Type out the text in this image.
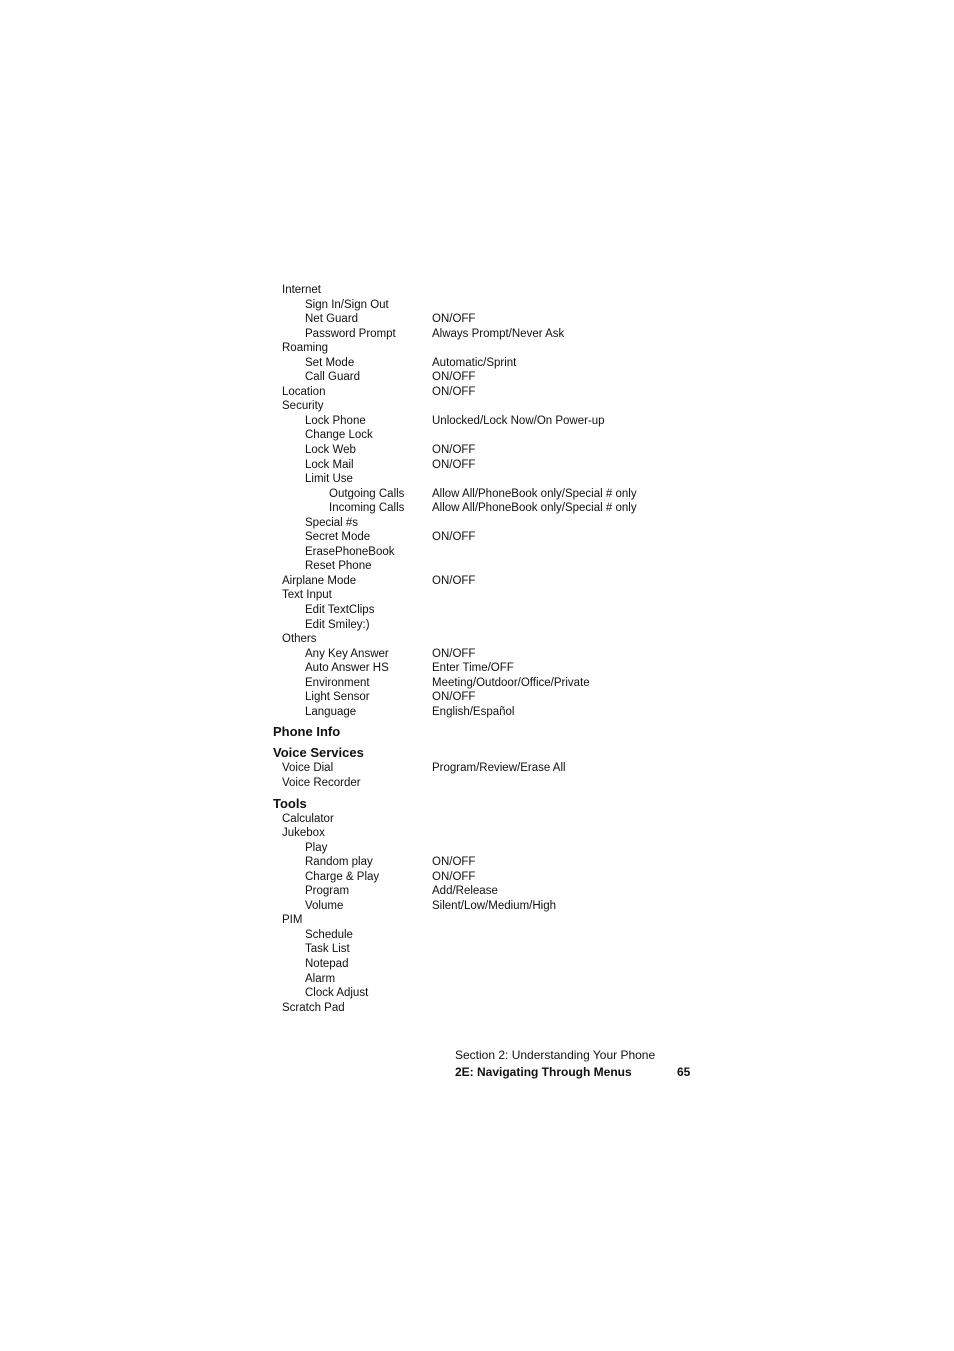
Internet
Sign In/Sign Out
Net Guard	ON/OFF
Password Prompt	Always Prompt/Never Ask
Roaming
Set Mode	Automatic/Sprint
Call Guard	ON/OFF
Location	ON/OFF
Security
Lock Phone	Unlocked/Lock Now/On Power-up
Change Lock
Lock Web	ON/OFF
Lock Mail	ON/OFF
Limit Use
Outgoing Calls Allow All/PhoneBook only/Special # only
Incoming Calls Allow All/PhoneBook only/Special # only
Special #s
Secret Mode	ON/OFF
ErasePhoneBook
Reset Phone
Airplane Mode	ON/OFF
Text Input
Edit TextClips
Edit Smiley:)
Others
Any Key Answer	ON/OFF
Auto Answer HS	Enter Time/OFF
Environment	Meeting/Outdoor/Office/Private
Light Sensor	ON/OFF
Language	English/Español
Phone Info
Voice Services
Voice Dial	Program/Review/Erase All
Voice Recorder
Tools
Calculator
Jukebox
Play
Random play	ON/OFF
Charge & Play	ON/OFF
Program	Add/Release
Volume	Silent/Low/Medium/High
PIM
Schedule
Task List
Notepad
Alarm
Clock Adjust
Scratch Pad
Section 2: Understanding Your Phone
2E: Navigating Through Menus	65
